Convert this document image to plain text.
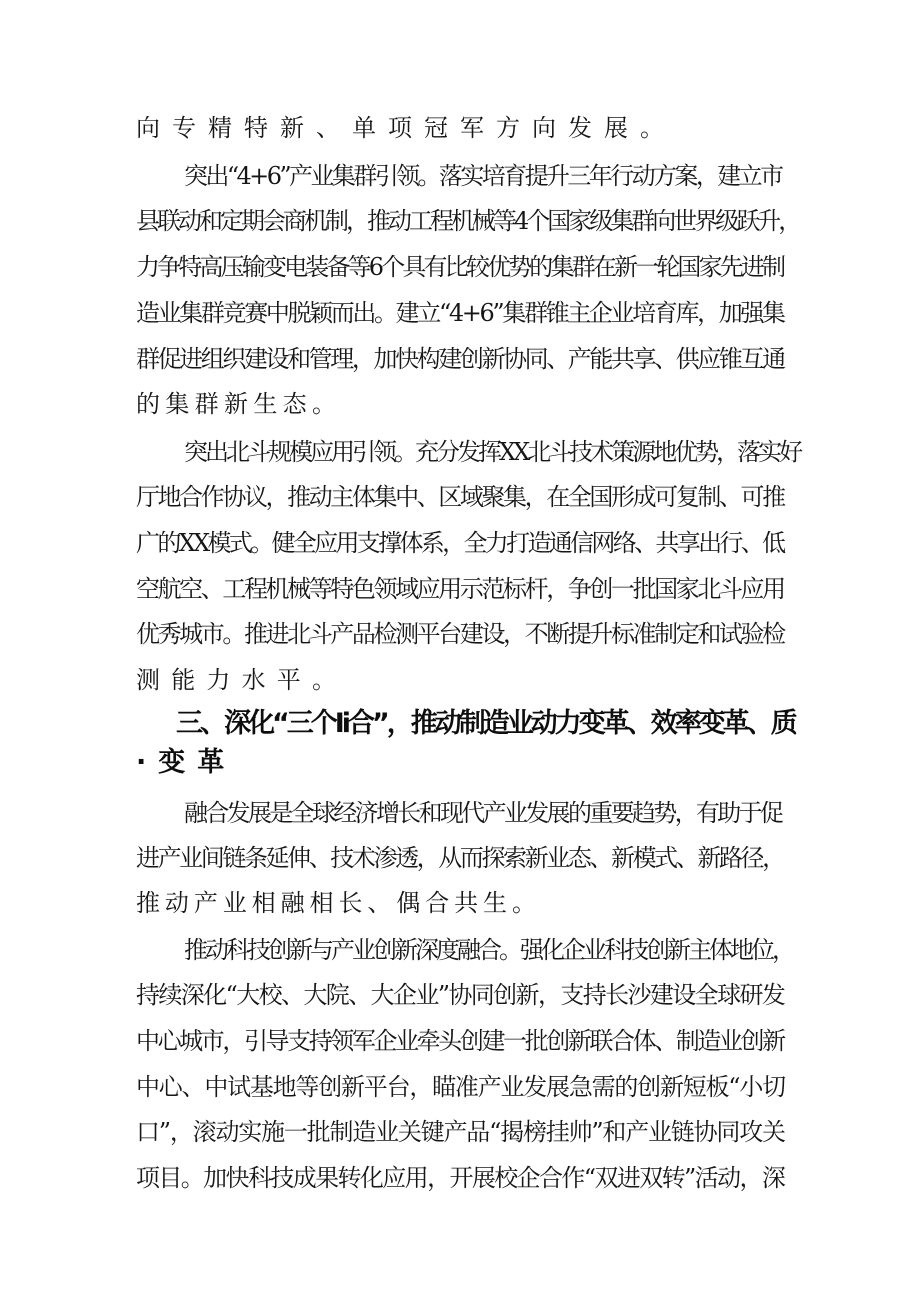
向专精特新、单项冠军方向发展。
突出“4+6”产业集群引领。落实培育提升三年行动方案，建立市
县联动和定期会商机制，推动工程机械等4个国家级集群向世界级跃升，
力争特高压输变电装备等6个具有比较优势的集群在新一轮国家先进制
造业集群竞赛中脱颖而出。建立“4+6”集群锥主企业培育库，加强集
群促进组织建设和管理，加快构建创新协同、产能共享、供应锥互通
的集群新生态。
突出北斗规模应用引领。充分发挥XX北斗技术策源地优势，落实好
厅地合作协议，推动主体集中、区域聚集，在全国形成可复制、可推
广的XX模式。健全应用支撑体系，全力打造通信网络、共享出行、低
空航空、工程机械等特色领域应用示范标杆，争创一批国家北斗应用
优秀城市。推进北斗产品检测平台建设，不断提升标准制定和试验检
测能力水平。
三、深化“三个Ii合”，推动制造业动力变革、效率变革、质
·变革
融合发展是全球经济增长和现代产业发展的重要趋势，有助于促
进产业间链条延伸、技术渗透，从而探索新业态、新模式、新路径，
推动产业相融相长、偶合共生。
推动科技创新与产业创新深度融合。强化企业科技创新主体地位，
持续深化“大校、大院、大企业”协同创新，支持长沙建设全球研发
中心城市，引导支持领军企业牵头创建一批创新联合体、制造业创新
中心、中试基地等创新平台，瞄准产业发展急需的创新短板“小切
口”，滚动实施一批制造业关键产品“揭榜挂帅”和产业链协同攻关
项目。加快科技成果转化应用，开展校企合作“双进双转”活动，深
